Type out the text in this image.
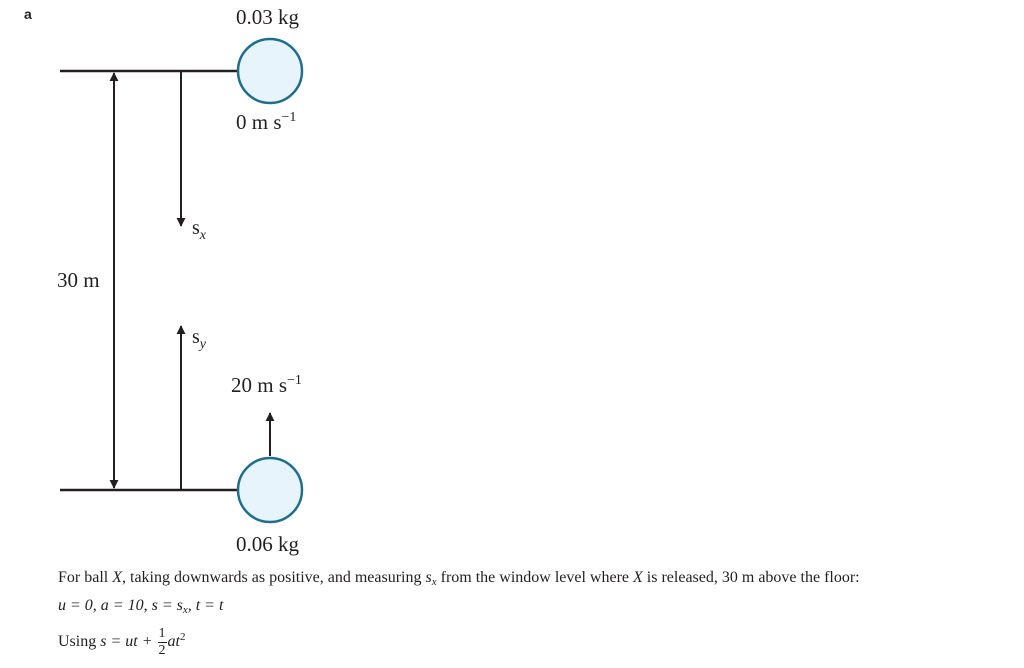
a	0.03 kg
0 m $s^{-1}$
30 m
$s_x$
$s_y$
20 m $s^{-1}$
0.06 kg
For ball X, taking downwards as positive, and measuring $s_x$ from the window level where X is released, 30 m above the floor:
u = 0, a = 10, $s = s_x$, t = t
Using s = ut + $\frac{1}{2} at^2$
